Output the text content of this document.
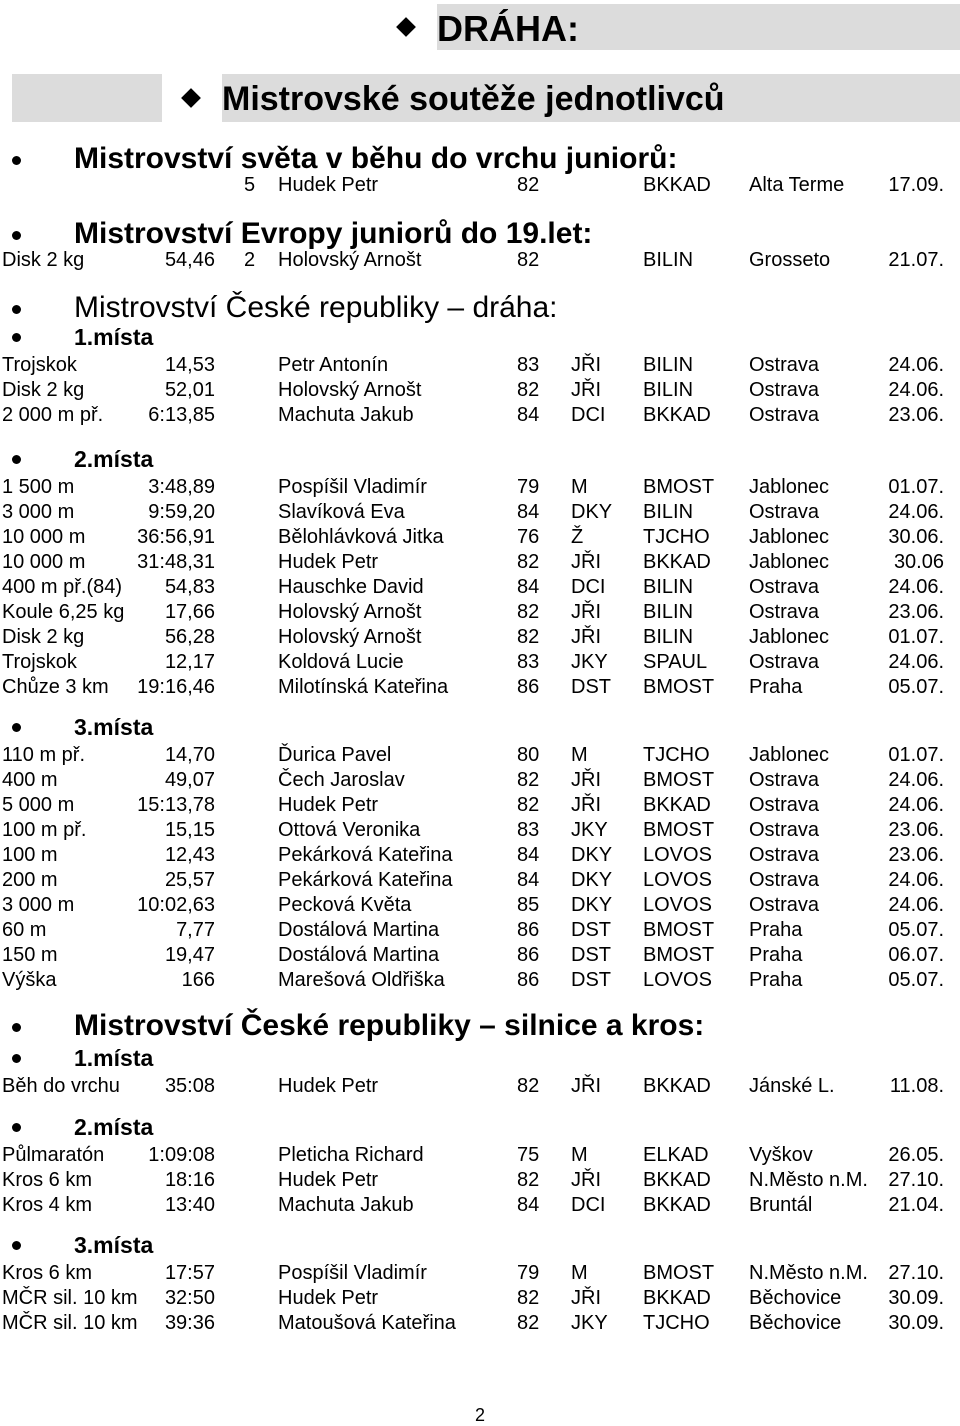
DRÁHA:
Mistrovské soutěže jednotlivců
Mistrovství světa v běhu do vrchu juniorů:
5 Hudek Petr	82	BKKAD Alta Terme 17.09.
Mistrovství Evropy juniorů do 19.let:
Disk 2 kg	54,46 2 Holovský Arnošt	82	BILIN	Grosseto	21.07.
Mistrovství České republiky – dráha:
1.místa
Trojskok	14,53	Petr Antonín	83 JŘI BILIN	Ostrava	24.06.
Disk 2 kg	52,01	Holovský Arnošt	82 JŘI BILIN	Ostrava	24.06.
2 000 m př. 6:13,85	Machuta Jakub	84 DCI BKKAD Ostrava	23.06.
2.místa
1 500 m	3:48,89	Pospíšil Vladimír	79 M	BMOST Jablonec	01.07.
3 000 m	9:59,20	Slavíková Eva	84 DKY BILIN	Ostrava	24.06.
10 000 m	36:56,91	Bělohlávková Jitka	76 Ž	TJCHO Jablonec	30.06.
10 000 m	31:48,31	Hudek Petr	82 JŘI BKKAD Jablonec	30.06
400 m př.(84) 54,83	Hauschke David	84 DCI BILIN	Ostrava	24.06.
Koule 6,25 kg 17,66	Holovský Arnošt	82 JŘI BILIN	Ostrava	23.06.
Disk 2 kg	56,28	Holovský Arnošt	82 JŘI BILIN	Jablonec	01.07.
Trojskok	12,17	Koldová Lucie	83 JKY SPAUL Ostrava	24.06.
Chůze 3 km 19:16,46	Milotínská Kateřina	86 DST BMOST Praha	05.07.
3.místa
110 m př.	14,70	Ďurica Pavel	80 M	TJCHO Jablonec	01.07.
400 m	49,07	Čech Jaroslav	82 JŘI BMOST Ostrava	24.06.
5 000 m	15:13,78	Hudek Petr	82 JŘI BKKAD Ostrava	24.06.
100 m př.	15,15	Ottová Veronika	83 JKY BMOST Ostrava	23.06.
100 m	12,43	Pekárková Kateřina	84 DKY LOVOS Ostrava	23.06.
200 m	25,57	Pekárková Kateřina	84 DKY LOVOS Ostrava	24.06.
3 000 m	10:02,63	Pecková Květa	85 DKY LOVOS Ostrava	24.06.
60 m	7,77	Dostálová Martina	86 DST BMOST Praha	05.07.
150 m	19,47	Dostálová Martina	86 DST BMOST Praha	06.07.
Výška	166	Marešová Oldřiška	86 DST LOVOS Praha	05.07.
Mistrovství České republiky – silnice a kros:
1.místa
Běh do vrchu 35:08	Hudek Petr	82 JŘI BKKAD Jánské L.	11.08.
2.místa
Půlmaratón 1:09:08	Pleticha Richard	75 M	ELKAD Vyškov	26.05.
Kros 6 km	18:16	Hudek Petr	82 JŘI BKKAD N.Město n.M. 27.10.
Kros 4 km	13:40	Machuta Jakub	84 DCI BKKAD Bruntál	21.04.
3.místa
Kros 6 km	17:57	Pospíšil Vladimír	79 M	BMOST N.Město n.M. 27.10.
MČR sil. 10 km 32:50	Hudek Petr	82 JŘI BKKAD Běchovice 30.09.
MČR sil. 10 km 39:36	Matoušová Kateřina	82 JKY TJCHO Běchovice 30.09.
2
